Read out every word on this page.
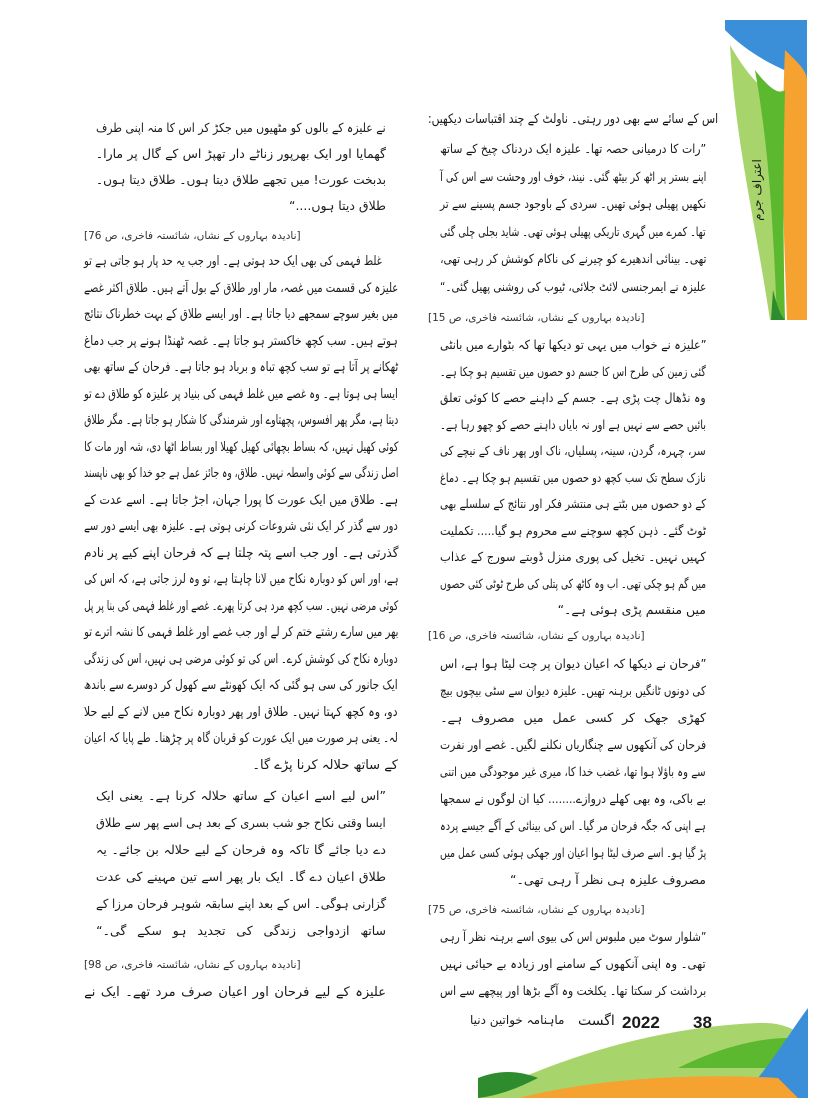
اعتراف جرم
اس کے سائے سے بھی دور رہتی۔ ناولٹ کے چند اقتباسات دیکھیں:
”رات کا درمیانی حصہ تھا۔ علیزہ ایک دردناک چیخ کے ساتھ
اپنے بستر پر اٹھ کر بیٹھ گئی۔ نیند، خوف اور وحشت سے اس کی آ
نکھیں پھیلی ہوئی تھیں۔ سردی کے باوجود جسم پسینے سے تر
تھا۔ کمرے میں گہری تاریکی پھیلی ہوئی تھی۔ شاید بجلی چلی گئی
تھی۔ بینائی اندھیرے کو چیرنے کی ناکام کوشش کر رہی تھی،
علیزہ نے ایمرجنسی لائٹ جلائی، ٹیوب کی روشنی پھیل گئی۔“
[نادیدہ بہاروں کے نشاں، شائستہ فاخری، ص 15]
”علیزہ نے خواب میں یہی تو دیکھا تھا کہ بٹوارے میں بانٹی
گئی زمین کی طرح اس کا جسم دو حصوں میں تقسیم ہو چکا ہے۔
وہ نڈھال چت پڑی ہے۔ جسم کے داہنے حصے کا کوئی تعلق
بائیں حصے سے نہیں ہے اور نہ بایاں داہنے حصے کو چھو رہا ہے۔
سر، چہرہ، گردن، سینہ، پسلیاں، ناک اور پھر ناف کے نیچے کی
نازک سطح تک سب کچھ دو حصوں میں تقسیم ہو چکا ہے۔ دماغ
کے دو حصوں میں بٹتے ہی منتشر فکر اور نتائج کے سلسلے بھی
ٹوٹ گئے۔ ذہن کچھ سوچنے سے محروم ہو گیا..... تکملیت
کہیں نہیں۔ تخیل کی پوری منزل ڈوبتے سورج کے عذاب
میں گم ہو چکی تھی۔ اب وہ کاٹھ کی پتلی کی طرح ٹوٹی کئی حصوں
میں منقسم پڑی ہوئی ہے۔“
[نادیدہ بہاروں کے نشاں، شائستہ فاخری، ص 16]
”فرحان نے دیکھا کہ اعیان دیوان پر چت لیٹا ہوا ہے، اس
کی دونوں ٹانگیں برہنہ تھیں۔ علیزہ دیوان سے سٹی بیچوں بیچ
کھڑی جھک کر کسی عمل میں مصروف ہے۔
فرحان کی آنکھوں سے چنگاریاں نکلنے لگیں۔ غصے اور نفرت
سے وہ باؤلا ہوا تھا، غضب خدا کا، میری غیر موجودگی میں اتنی
بے باکی، وہ بھی کھلے دروازے........ کیا ان لوگوں نے سمجھا
ہے اپنی کہ جگہ فرحان مر گیا۔ اس کی بینائی کے آگے جیسے پردہ
پڑ گیا ہو۔ اسے صرف لیٹا ہوا اعیان اور جھکی ہوئی کسی عمل میں
مصروف علیزہ ہی نظر آ رہی تھی۔“
[نادیدہ بہاروں کے نشاں، شائستہ فاخری، ص 75]
”شلوار سوٹ میں ملبوس اس کی بیوی اسے برہنہ نظر آ رہی
تھی۔ وہ اپنی آنکھوں کے سامنے اور زیادہ بے حیائی نہیں
برداشت کر سکتا تھا۔ یکلخت وہ آگے بڑھا اور پیچھے سے اس
نے علیزہ کے بالوں کو مٹھیوں میں جکڑ کر اس کا منہ اپنی طرف
گھمایا اور ایک بھرپور زناٹے دار تھپڑ اس کے گال پر مارا۔
بدبخت عورت! میں تجھے طلاق دیتا ہوں۔ طلاق دیتا ہوں۔
طلاق دیتا ہوں....“
[نادیدہ بہاروں کے نشاں، شائستہ فاخری، ص 76]
غلط فہمی کی بھی ایک حد ہوتی ہے۔ اور جب یہ حد پار ہو جاتی ہے تو
علیزہ کی قسمت میں غصہ، مار اور طلاق کے بول آتے ہیں۔ طلاق اکثر غصے
میں بغیر سوچے سمجھے دیا جاتا ہے۔ اور ایسے طلاق کے بہت خطرناک نتائج
ہوتے ہیں۔ سب کچھ خاکستر ہو جاتا ہے۔ غصہ ٹھنڈا ہونے پر جب دماغ
ٹھکانے پر آتا ہے تو سب کچھ تباہ و برباد ہو جاتا ہے۔ فرحان کے ساتھ بھی
ایسا ہی ہوتا ہے۔ وہ غصے میں غلط فہمی کی بنیاد پر علیزہ کو طلاق دے تو
دیتا ہے، مگر پھر افسوس، پچھتاوے اور شرمندگی کا شکار ہو جاتا ہے۔ مگر طلاق
کوئی کھیل نہیں، کہ بساط بچھائی کھیل کھیلا اور بساط اٹھا دی، شہ اور مات کا
اصل زندگی سے کوئی واسطہ نہیں۔ طلاق، وہ جائز عمل ہے جو خدا کو بھی ناپسند
ہے۔ طلاق میں ایک عورت کا پورا جہان، اجڑ جاتا ہے۔ اسے عدت کے
دور سے گذر کر ایک نئی شروعات کرنی ہوتی ہے۔ علیزہ بھی ایسے دور سے
گذرتی ہے۔ اور جب اسے پتہ چلتا ہے کہ فرحان اپنے کیے پر نادم
ہے، اور اس کو دوبارہ نکاح میں لانا چاہتا ہے، تو وہ لرز جاتی ہے، کہ اس کی
کوئی مرضی نہیں۔ سب کچھ مرد ہی کرتا پھرے۔ غصے اور غلط فہمی کی بنا پر پل
بھر میں سارے رشتے ختم کر لے اور جب غصے اور غلط فہمی کا نشہ اترے تو
دوبارہ نکاح کی کوشش کرے۔ اس کی تو کوئی مرضی ہی نہیں، اس کی زندگی
ایک جانور کی سی ہو گئی کہ ایک کھونٹے سے کھول کر دوسرے سے باندھ
دو، وہ کچھ کہتا نہیں۔ طلاق اور پھر دوبارہ نکاح میں لانے کے لیے حلا
لہ۔ یعنی ہر صورت میں ایک عورت کو قربان گاہ پر چڑھنا۔ طے پایا کہ اعیان
کے ساتھ حلالہ کرنا پڑے گا۔
”اس لیے اسے اعیان کے ساتھ حلالہ کرنا ہے۔ یعنی ایک
ایسا وقتی نکاح جو شب بسری کے بعد ہی اسے پھر سے طلاق
دے دیا جائے گا تاکہ وہ فرحان کے لیے حلالہ بن جائے۔ یہ
طلاق اعیان دے گا۔ ایک بار پھر اسے تین مہینے کی عدت
گزارنی ہوگی۔ اس کے بعد اپنے سابقہ شوہر فرحان مرزا کے
ساتھ ازدواجی زندگی کی تجدید ہو سکے گی۔“
[نادیدہ بہاروں کے نشاں، شائستہ فاخری، ص 98]
علیزہ کے لیے فرحان اور اعیان صرف مرد تھے۔ ایک نے
38
2022
اگست
ماہنامہ خواتین دنیا
